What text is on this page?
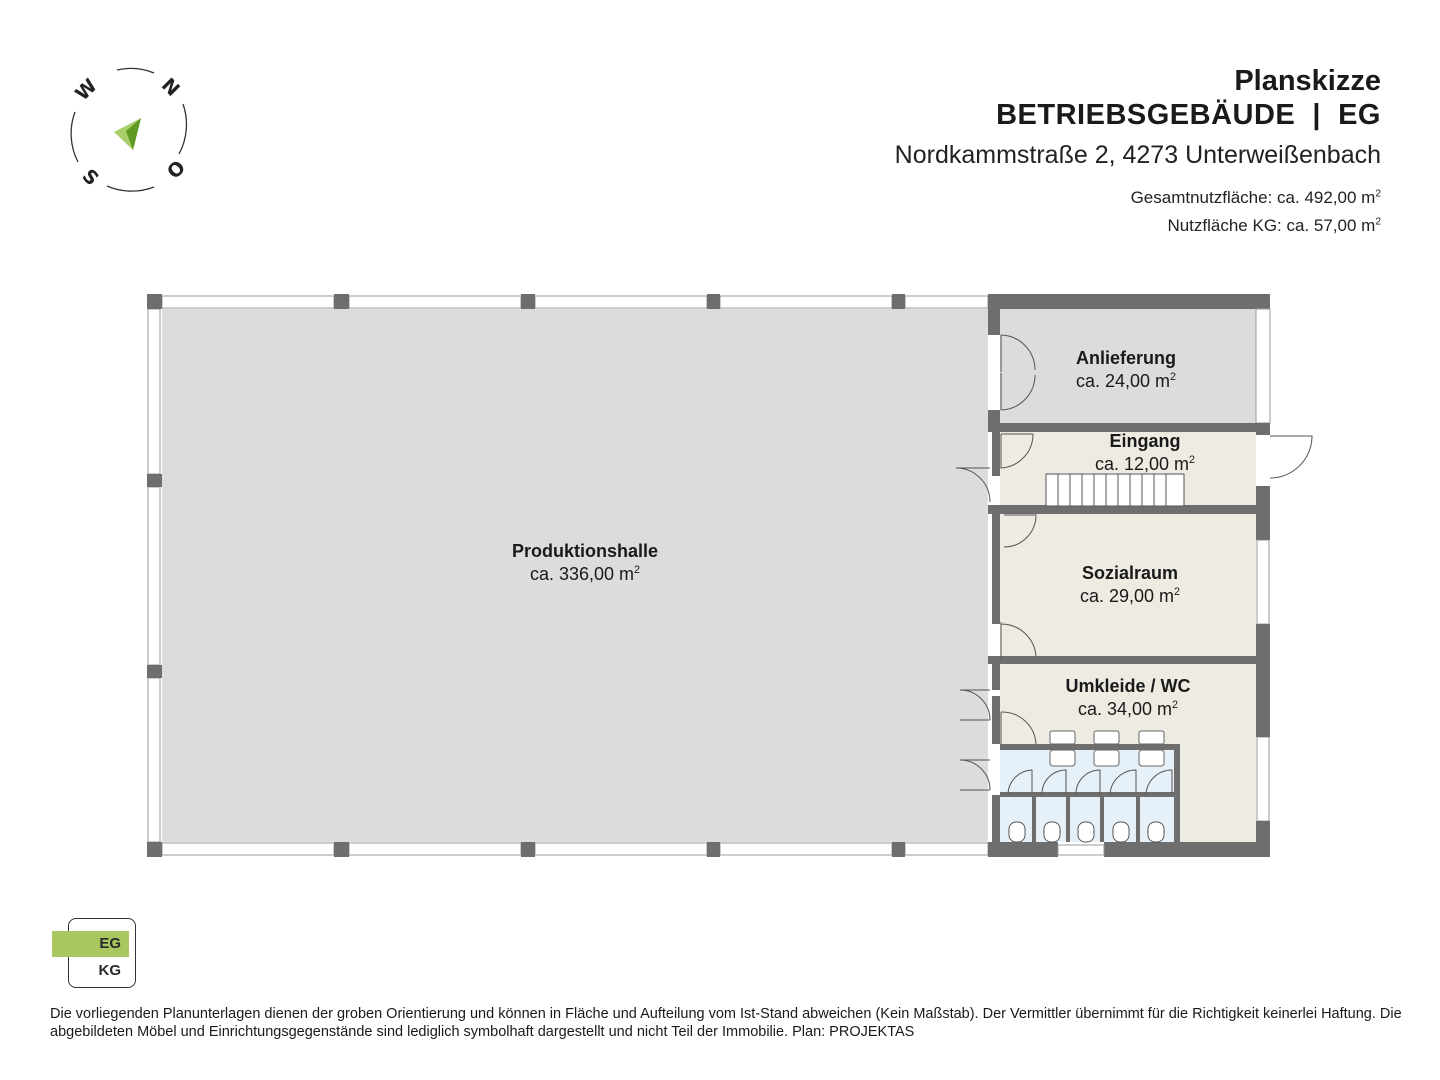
N
O
S
W	Planskizze
BETRIEBSGEBÄUDE  |  EG
Nordkammstraße 2, 4273 Unterweißenbach
Gesamtnutzfläche: ca. 492,00 $m^2$
Nutzfläche KG: ca. 57,00 $m^2$
Produktionshalle
ca. 336,00 $m^2$
Anlieferung
ca. 24,00 $m^2$
Eingang
ca. 12,00 $m^2$
Sozialraum
ca. 29,00 $m^2$
Umkleide / WC
ca. 34,00 $m^2$
EG
KG
Die vorliegenden Planunterlagen dienen der groben Orientierung und können in Fläche und Aufteilung vom Ist-Stand abweichen (Kein Maßstab). Der Vermittler übernimmt für die Richtigkeit keinerlei Haftung. Die abgebildeten Möbel und Einrichtungsgegenstände sind lediglich symbolhaft dargestellt und nicht Teil der Immobilie. Plan: PROJEKTAS
